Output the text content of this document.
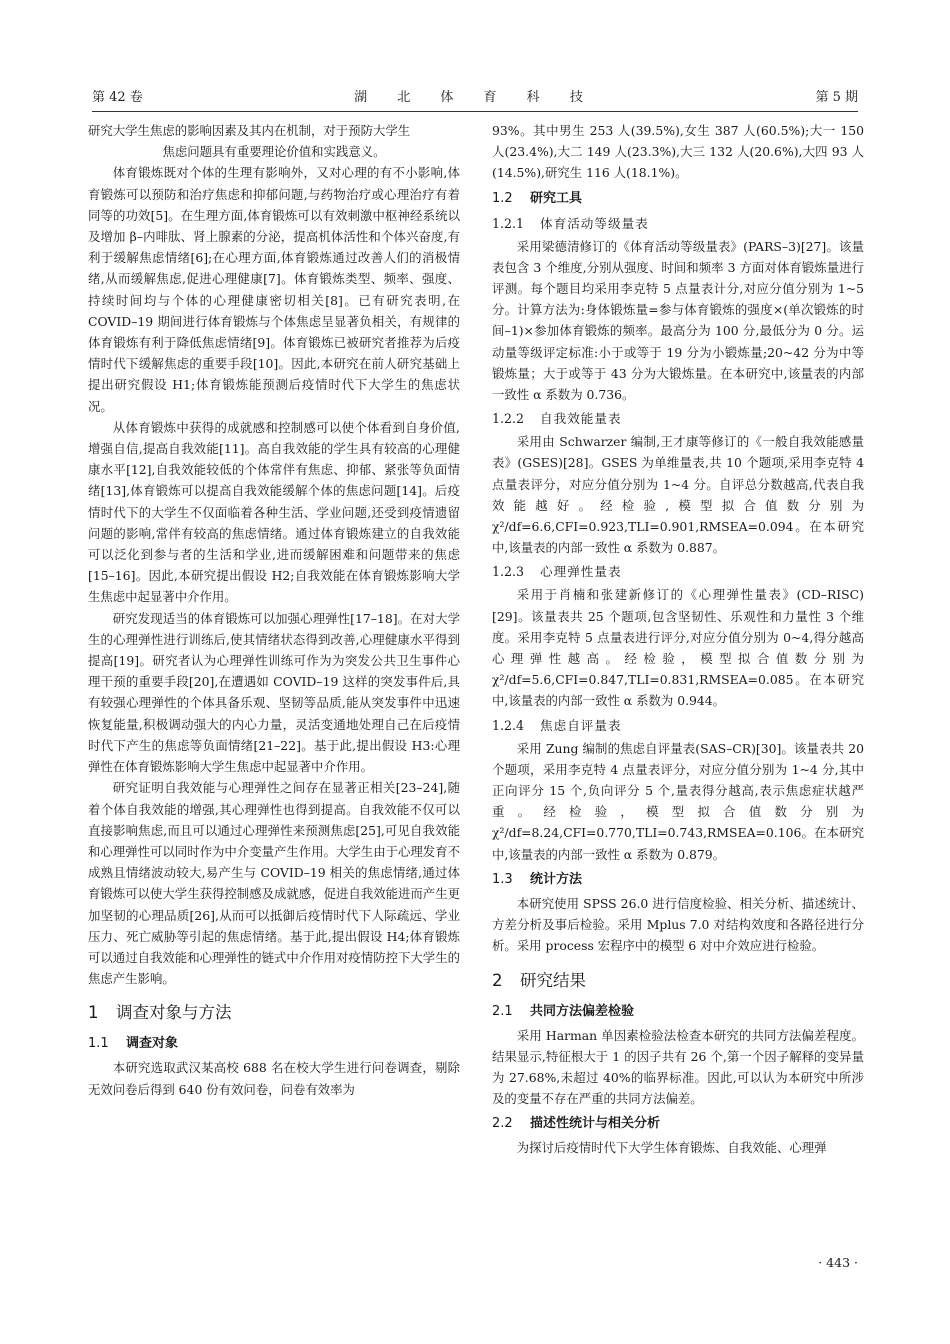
第 42 卷	湖 北 体 育 科 技	第 5 期

研究大学生焦虑的影响因素及其内在机制，对于预防大学生

焦虑问题具有重要理论价值和实践意义。

体育锻炼既对个体的生理有影响外，又对心理的有不小影响,体育锻炼可以预防和治疗焦虑和抑郁问题,与药物治疗或心理治疗有着同等的功效[5]。在生理方面,体育锻炼可以有效刺激中枢神经系统以及增加 β–内啡肽、肾上腺素的分泌，提高机体活性和个体兴奋度,有利于缓解焦虑情绪[6];在心理方面,体育锻炼通过改善人们的消极情绪,从而缓解焦虑,促进心理健康[7]。体育锻炼类型、频率、强度、持续时间均与个体的心理健康密切相关[8]。已有研究表明,在 COVID–19 期间进行体育锻炼与个体焦虑呈显著负相关，有规律的体育锻炼有利于降低焦虑情绪[9]。体育锻炼已被研究者推荐为后疫情时代下缓解焦虑的重要手段[10]。因此,本研究在前人研究基础上提出研究假设 H1;体育锻炼能预测后疫情时代下大学生的焦虑状况。

从体育锻炼中获得的成就感和控制感可以使个体看到自身价值,增强自信,提高自我效能[11]。高自我效能的学生具有较高的心理健康水平[12],自我效能较低的个体常伴有焦虑、抑郁、紧张等负面情绪[13],体育锻炼可以提高自我效能缓解个体的焦虑问题[14]。后疫情时代下的大学生不仅面临着各种生活、学业问题,还受到疫情遗留问题的影响,常伴有较高的焦虑情绪。通过体育锻炼建立的自我效能可以泛化到参与者的生活和学业,进而缓解困难和问题带来的焦虑[15–16]。因此,本研究提出假设 H2;自我效能在体育锻炼影响大学生焦虑中起显著中介作用。

研究发现适当的体育锻炼可以加强心理弹性[17–18]。在对大学生的心理弹性进行训练后,使其情绪状态得到改善,心理健康水平得到提高[19]。研究者认为心理弹性训练可作为为突发公共卫生事件心理干预的重要手段[20],在遭遇如 COVID–19 这样的突发事件后,具有较强心理弹性的个体具备乐观、坚韧等品质,能从突发事件中迅速恢复能量,积极调动强大的内心力量，灵活变通地处理自己在后疫情时代下产生的焦虑等负面情绪[21–22]。基于此,提出假设 H3:心理弹性在体育锻炼影响大学生焦虑中起显著中介作用。

研究证明自我效能与心理弹性之间存在显著正相关[23–24],随着个体自我效能的增强,其心理弹性也得到提高。自我效能不仅可以直接影响焦虑,而且可以通过心理弹性来预测焦虑[25],可见自我效能和心理弹性可以同时作为中介变量产生作用。大学生由于心理发育不成熟且情绪波动较大,易产生与 COVID–19 相关的焦虑情绪,通过体育锻炼可以使大学生获得控制感及成就感，促进自我效能进而产生更加坚韧的心理品质[26],从而可以抵御后疫情时代下人际疏远、学业压力、死亡威胁等引起的焦虑情绪。基于此,提出假设 H4;体育锻炼可以通过自我效能和心理弹性的链式中介作用对疫情防控下大学生的焦虑产生影响。

1 调查对象与方法
1.1 调查对象

本研究选取武汉某高校 688 名在校大学生进行问卷调查，剔除无效问卷后得到 640 份有效问卷，问卷有效率为

93%。其中男生 253 人(39.5%),女生 387 人(60.5%);大一 150 人(23.4%),大二 149 人(23.3%),大三 132 人(20.6%),大四 93 人(14.5%),研究生 116 人(18.1%)。

1.2 研究工具
1.2.1 体育活动等级量表

采用梁德清修订的《体育活动等级量表》(PARS–3)[27]。该量表包含 3 个维度,分别从强度、时间和频率 3 方面对体育锻炼量进行评测。每个题目均采用李克特 5 点量表计分,对应分值分别为 1~5 分。计算方法为:身体锻炼量=参与体育锻炼的强度×(单次锻炼的时间–1)×参加体育锻炼的频率。最高分为 100 分,最低分为 0 分。运动量等级评定标准:小于或等于 19 分为小锻炼量;20~42 分为中等锻炼量；大于或等于 43 分为大锻炼量。在本研究中,该量表的内部一致性 α 系数为 0.736。

1.2.2 自我效能量表

采用由 Schwarzer 编制,王才康等修订的《一般自我效能感量表》(GSES)[28]。GSES 为单维量表,共 10 个题项,采用李克特 4 点量表评分，对应分值分别为 1~4 分。自评总分数越高,代表自我效能越好。经检验,模型拟合值数分别为 χ²/df=6.6,CFI=0.923,TLI=0.901,RMSEA=0.094。在本研究中,该量表的内部一致性 α 系数为 0.887。

1.2.3 心理弹性量表

采用于肖楠和张建新修订的《心理弹性量表》(CD–RISC)[29]。该量表共 25 个题项,包含坚韧性、乐观性和力量性 3 个维度。采用李克特 5 点量表进行评分,对应分值分别为 0~4,得分越高心理弹性越高。经检验，模型拟合值数分别为 χ²/df=5.6,CFI=0.847,TLI=0.831,RMSEA=0.085。在本研究中,该量表的内部一致性 α 系数为 0.944。

1.2.4 焦虑自评量表

采用 Zung 编制的焦虑自评量表(SAS–CR)[30]。该量表共 20 个题项，采用李克特 4 点量表评分，对应分值分别为 1~4 分,其中正向评分 15 个,负向评分 5 个,量表得分越高,表示焦虑症状越严重。经检验，模型拟合值数分别为 χ²/df=8.24,CFI=0.770,TLI=0.743,RMSEA=0.106。在本研究中,该量表的内部一致性 α 系数为 0.879。

1.3 统计方法

本研究使用 SPSS 26.0 进行信度检验、相关分析、描述统计、方差分析及事后检验。采用 Mplus 7.0 对结构效度和各路径进行分析。采用 process 宏程序中的模型 6 对中介效应进行检验。

2 研究结果
2.1 共同方法偏差检验

采用 Harman 单因素检验法检查本研究的共同方法偏差程度。结果显示,特征根大于 1 的因子共有 26 个,第一个因子解释的变异量为 27.68%,未超过 40%的临界标准。因此,可以认为本研究中所涉及的变量不存在严重的共同方法偏差。

2.2 描述性统计与相关分析

为探讨后疫情时代下大学生体育锻炼、自我效能、心理弹

· 443 ·
